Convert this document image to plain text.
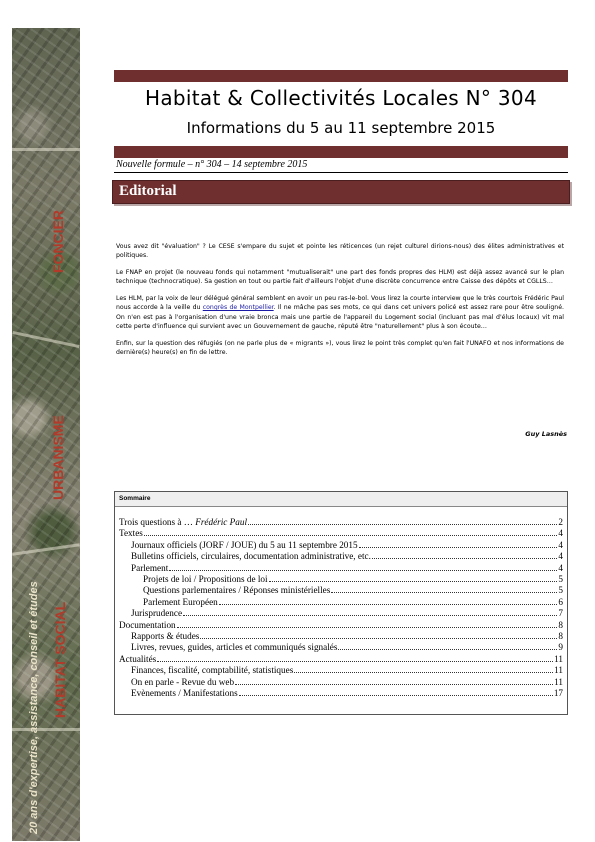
FONCIER
URBANISME
HABITAT SOCIAL
20 ans d'expertise, assistance, conseil et études
Habitat & Collectivités Locales N° 304
Informations du 5 au 11 septembre 2015
Nouvelle formule – n° 304 – 14 septembre 2015
Editorial

Vous avez dit "évaluation" ? Le CESE s'empare du sujet et pointe les réticences (un rejet culturel dirions-nous) des élites administratives et politiques.

Le FNAP en projet (le nouveau fonds qui notamment "mutualiserait" une part des fonds propres des HLM) est déjà assez avancé sur le plan technique (technocratique). Sa gestion en tout ou partie fait d'ailleurs l'objet d'une discrète concurrence entre Caisse des dépôts et CGLLS…

Les HLM, par la voix de leur délégué général semblent en avoir un peu ras-le-bol. Vous lirez la courte interview que le très courtois Frédéric Paul nous accorde à la veille du congrès de Montpellier. Il ne mâche pas ses mots, ce qui dans cet univers policé est assez rare pour être souligné. On n'en est pas à l'organisation d'une vraie bronca mais une partie de l'appareil du Logement social (incluant pas mal d'élus locaux) vit mal cette perte d'influence qui survient avec un Gouvernement de gauche, réputé être "naturellement" plus à son écoute…

Enfin, sur la question des réfugiés (on ne parle plus de « migrants »), vous lirez le point très complet qu'en fait l'UNAFO et nos informations de dernière(s) heure(s) en fin de lettre.

Guy Lasnès
Sommaire
Trois questions à … Frédéric Paul	2
Textes	4
Journaux officiels (JORF / JOUE) du 5 au 11 septembre 2015	4
Bulletins officiels, circulaires, documentation administrative, etc.	4
Parlement	4
Projets de loi / Propositions de loi	5
Questions parlementaires / Réponses ministérielles	5
Parlement Européen	6
Jurisprudence	7
Documentation	8
Rapports & études	8
Livres, revues, guides, articles et communiqués signalés	9
Actualités	11
Finances, fiscalité, comptabilité, statistiques	11
On en parle - Revue du web	11
Evènements / Manifestations	17
